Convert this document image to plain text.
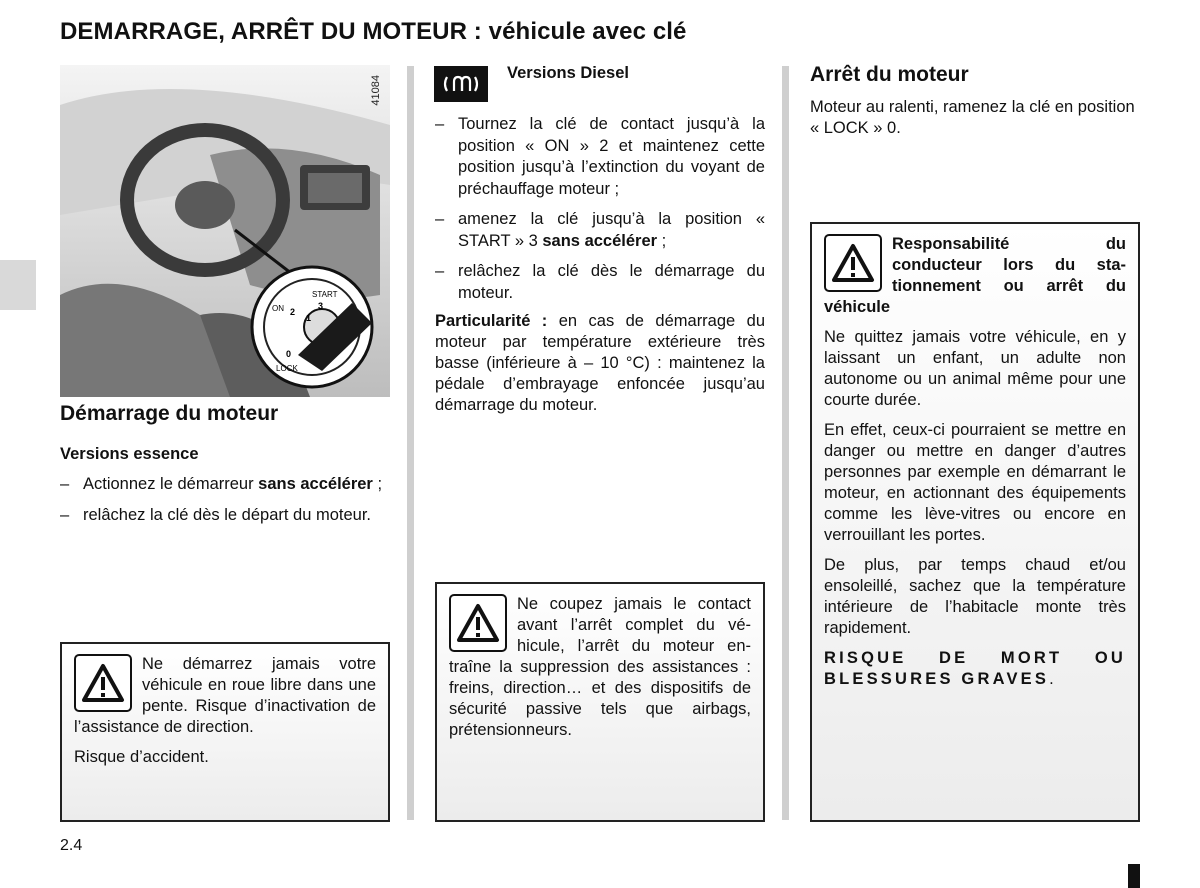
DEMARRAGE, ARRÊT DU MOTEUR : véhicule avec clé
START
ON
LOCK
3
2
1
0
41084
Démarrage du moteur
Versions essence
– Actionnez le démarreur sans accélérer ;
– relâchez la clé dès le départ du moteur.

Ne démarrez jamais votre véhicule en roue libre dans une pente. Risque d’inactivation de l’assistance de direction.

Risque d’accident.

Versions Diesel
– Tournez la clé de contact jusqu’à la position « ON » 2 et maintenez cette position jusqu’à l’extinction du voyant de préchauffage moteur ;
– amenez la clé jusqu’à la position « START » 3 sans accélérer ;
– relâchez la clé dès le démarrage du moteur.

Particularité : en cas de démarrage du moteur par température extérieure très basse (inférieure à – 10 °C) : maintenez la pédale d’embrayage enfoncée jusqu’au démarrage du moteur.

Ne coupez jamais le contact avant l’arrêt complet du véhicule, l’arrêt du moteur entraîne la suppression des assistances : freins, direction… et des dispositifs de sécurité passive tels que airbags, prétensionneurs.

Arrêt du moteur

Moteur au ralenti, ramenez la clé en position « LOCK » 0.

Responsabilité du conducteur lors du stationnement ou arrêt du véhicule

Ne quittez jamais votre véhicule, en y laissant un enfant, un adulte non autonome ou un animal même pour une courte durée.

En effet, ceux-ci pourraient se mettre en danger ou mettre en danger d’autres personnes par exemple en démarrant le moteur, en actionnant des équipements comme les lève-vitres ou encore en verrouillant les portes.

De plus, par temps chaud et/ou ensoleillé, sachez que la température intérieure de l’habitacle monte très rapidement.

RISQUE DE MORT OU BLESSURES GRAVES.

2.4
